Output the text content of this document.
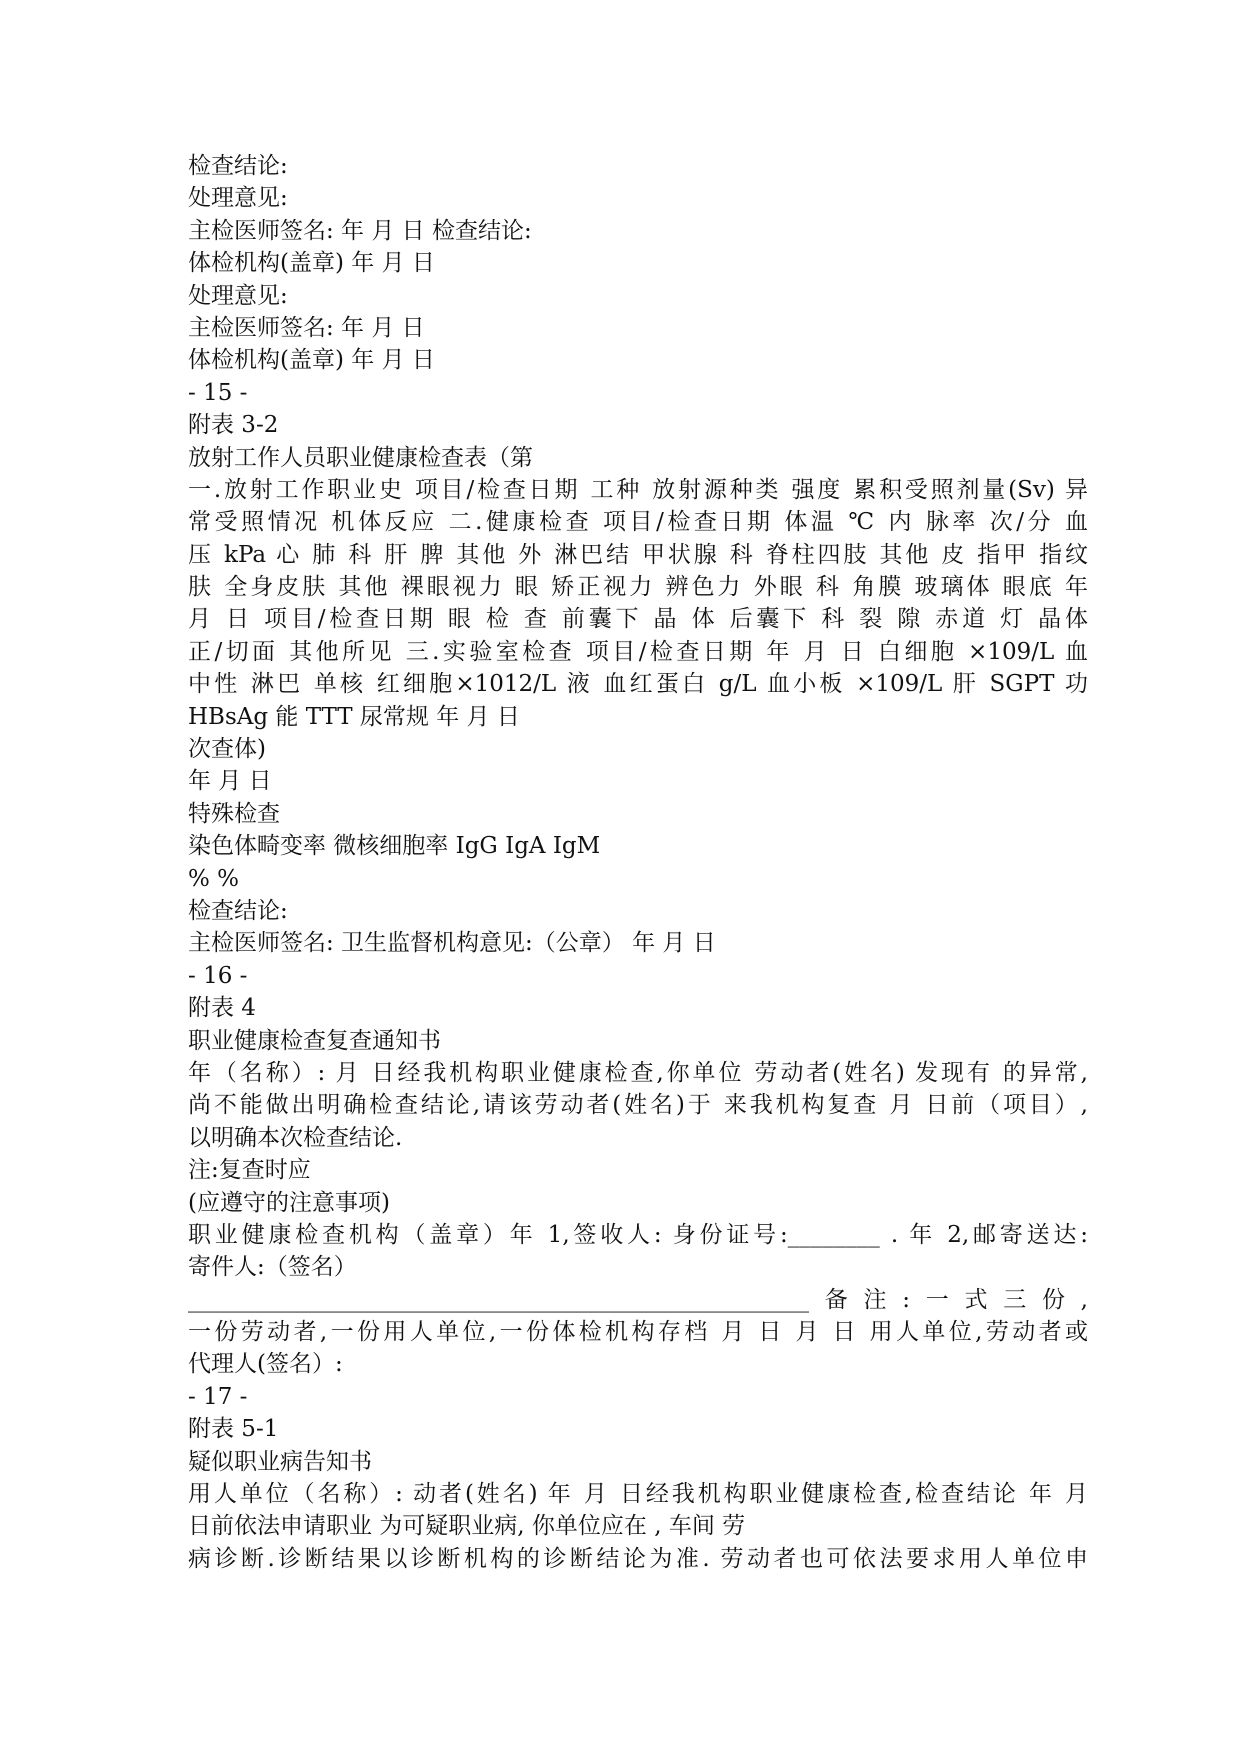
检查结论:
处理意见:
主检医师签名: 年 月 日 检查结论:
体检机构(盖章) 年 月 日
处理意见:
主检医师签名: 年 月 日
体检机构(盖章) 年 月 日
- 15 -
附表 3-2
放射工作人员职业健康检查表（第
一.放射工作职业史 项目/检查日期 工种 放射源种类 强度 累积受照剂量(Sv) 异
常受照情况 机体反应 二.健康检查 项目/检查日期 体温 ℃ 内 脉率 次/分 血
压 kPa 心 肺 科 肝 脾 其他 外 淋巴结 甲状腺 科 脊柱四肢 其他 皮 指甲 指纹
肤 全身皮肤 其他 裸眼视力 眼 矫正视力 辨色力 外眼 科 角膜 玻璃体 眼底 年
月 日 项目/检查日期 眼 检 查 前囊下 晶 体 后囊下 科 裂 隙 赤道 灯 晶体
正/切面 其他所见 三.实验室检查 项目/检查日期 年 月 日 白细胞 ×109/L 血
中性 淋巴 单核 红细胞×1012/L 液 血红蛋白 g/L 血小板 ×109/L 肝 SGPT 功
HBsAg 能 TTT 尿常规 年 月 日
次查体)
年 月 日
特殊检查
染色体畸变率 微核细胞率 IgG IgA IgM
% %
检查结论:
主检医师签名: 卫生监督机构意见:（公章） 年 月 日
- 16 -
附表 4
职业健康检查复查通知书
年（名称）: 月 日经我机构职业健康检查,你单位 劳动者(姓名) 发现有 的异常,
尚不能做出明确检查结论,请该劳动者(姓名)于 来我机构复查 月 日前（项目）,
以明确本次检查结论.
注:复查时应
(应遵守的注意事项)
职业健康检查机构（盖章）年 1,签收人: 身份证号:________ . 年 2,邮寄送达:
寄件人:（签名）
______________________________________________________备注:一式三份,
一份劳动者,一份用人单位,一份体检机构存档 月 日 月 日 用人单位,劳动者或
代理人(签名）:
- 17 -
附表 5-1
疑似职业病告知书
用人单位（名称）: 动者(姓名) 年 月 日经我机构职业健康检查,检查结论 年 月
日前依法申请职业 为可疑职业病, 你单位应在 , 车间 劳
病诊断.诊断结果以诊断机构的诊断结论为准. 劳动者也可依法要求用人单位申
